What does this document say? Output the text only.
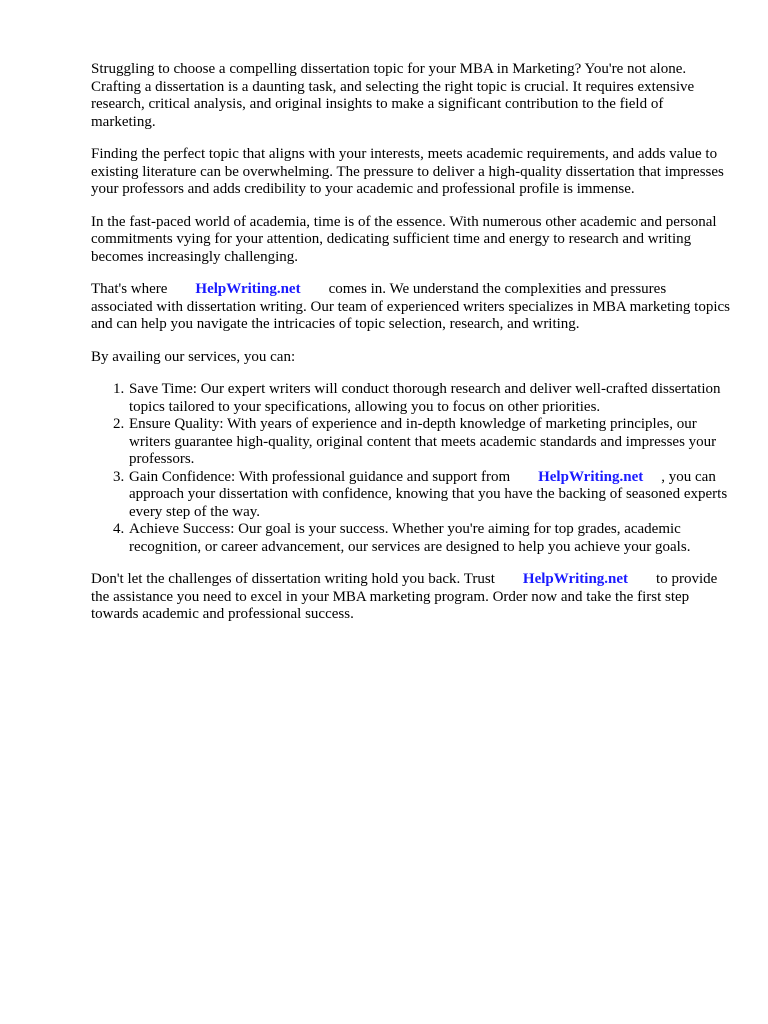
Struggling to choose a compelling dissertation topic for your MBA in Marketing? You're not alone. Crafting a dissertation is a daunting task, and selecting the right topic is crucial. It requires extensive research, critical analysis, and original insights to make a significant contribution to the field of marketing.

Finding the perfect topic that aligns with your interests, meets academic requirements, and adds value to existing literature can be overwhelming. The pressure to deliver a high-quality dissertation that impresses your professors and adds credibility to your academic and professional profile is immense.

In the fast-paced world of academia, time is of the essence. With numerous other academic and personal commitments vying for your attention, dedicating sufficient time and energy to research and writing becomes increasingly challenging.

That's where HelpWriting.net comes in. We understand the complexities and pressures associated with dissertation writing. Our team of experienced writers specializes in MBA marketing topics and can help you navigate the intricacies of topic selection, research, and writing.

By availing our services, you can:

1. Save Time: Our expert writers will conduct thorough research and deliver well-crafted dissertation topics tailored to your specifications, allowing you to focus on other priorities.
2. Ensure Quality: With years of experience and in-depth knowledge of marketing principles, our writers guarantee high-quality, original content that meets academic standards and impresses your professors.
3. Gain Confidence: With professional guidance and support from HelpWriting.net , you can approach your dissertation with confidence, knowing that you have the backing of seasoned experts every step of the way.
4. Achieve Success: Our goal is your success. Whether you're aiming for top grades, academic recognition, or career advancement, our services are designed to help you achieve your goals.

Don't let the challenges of dissertation writing hold you back. Trust HelpWriting.net to provide the assistance you need to excel in your MBA marketing program. Order now and take the first step towards academic and professional success.
